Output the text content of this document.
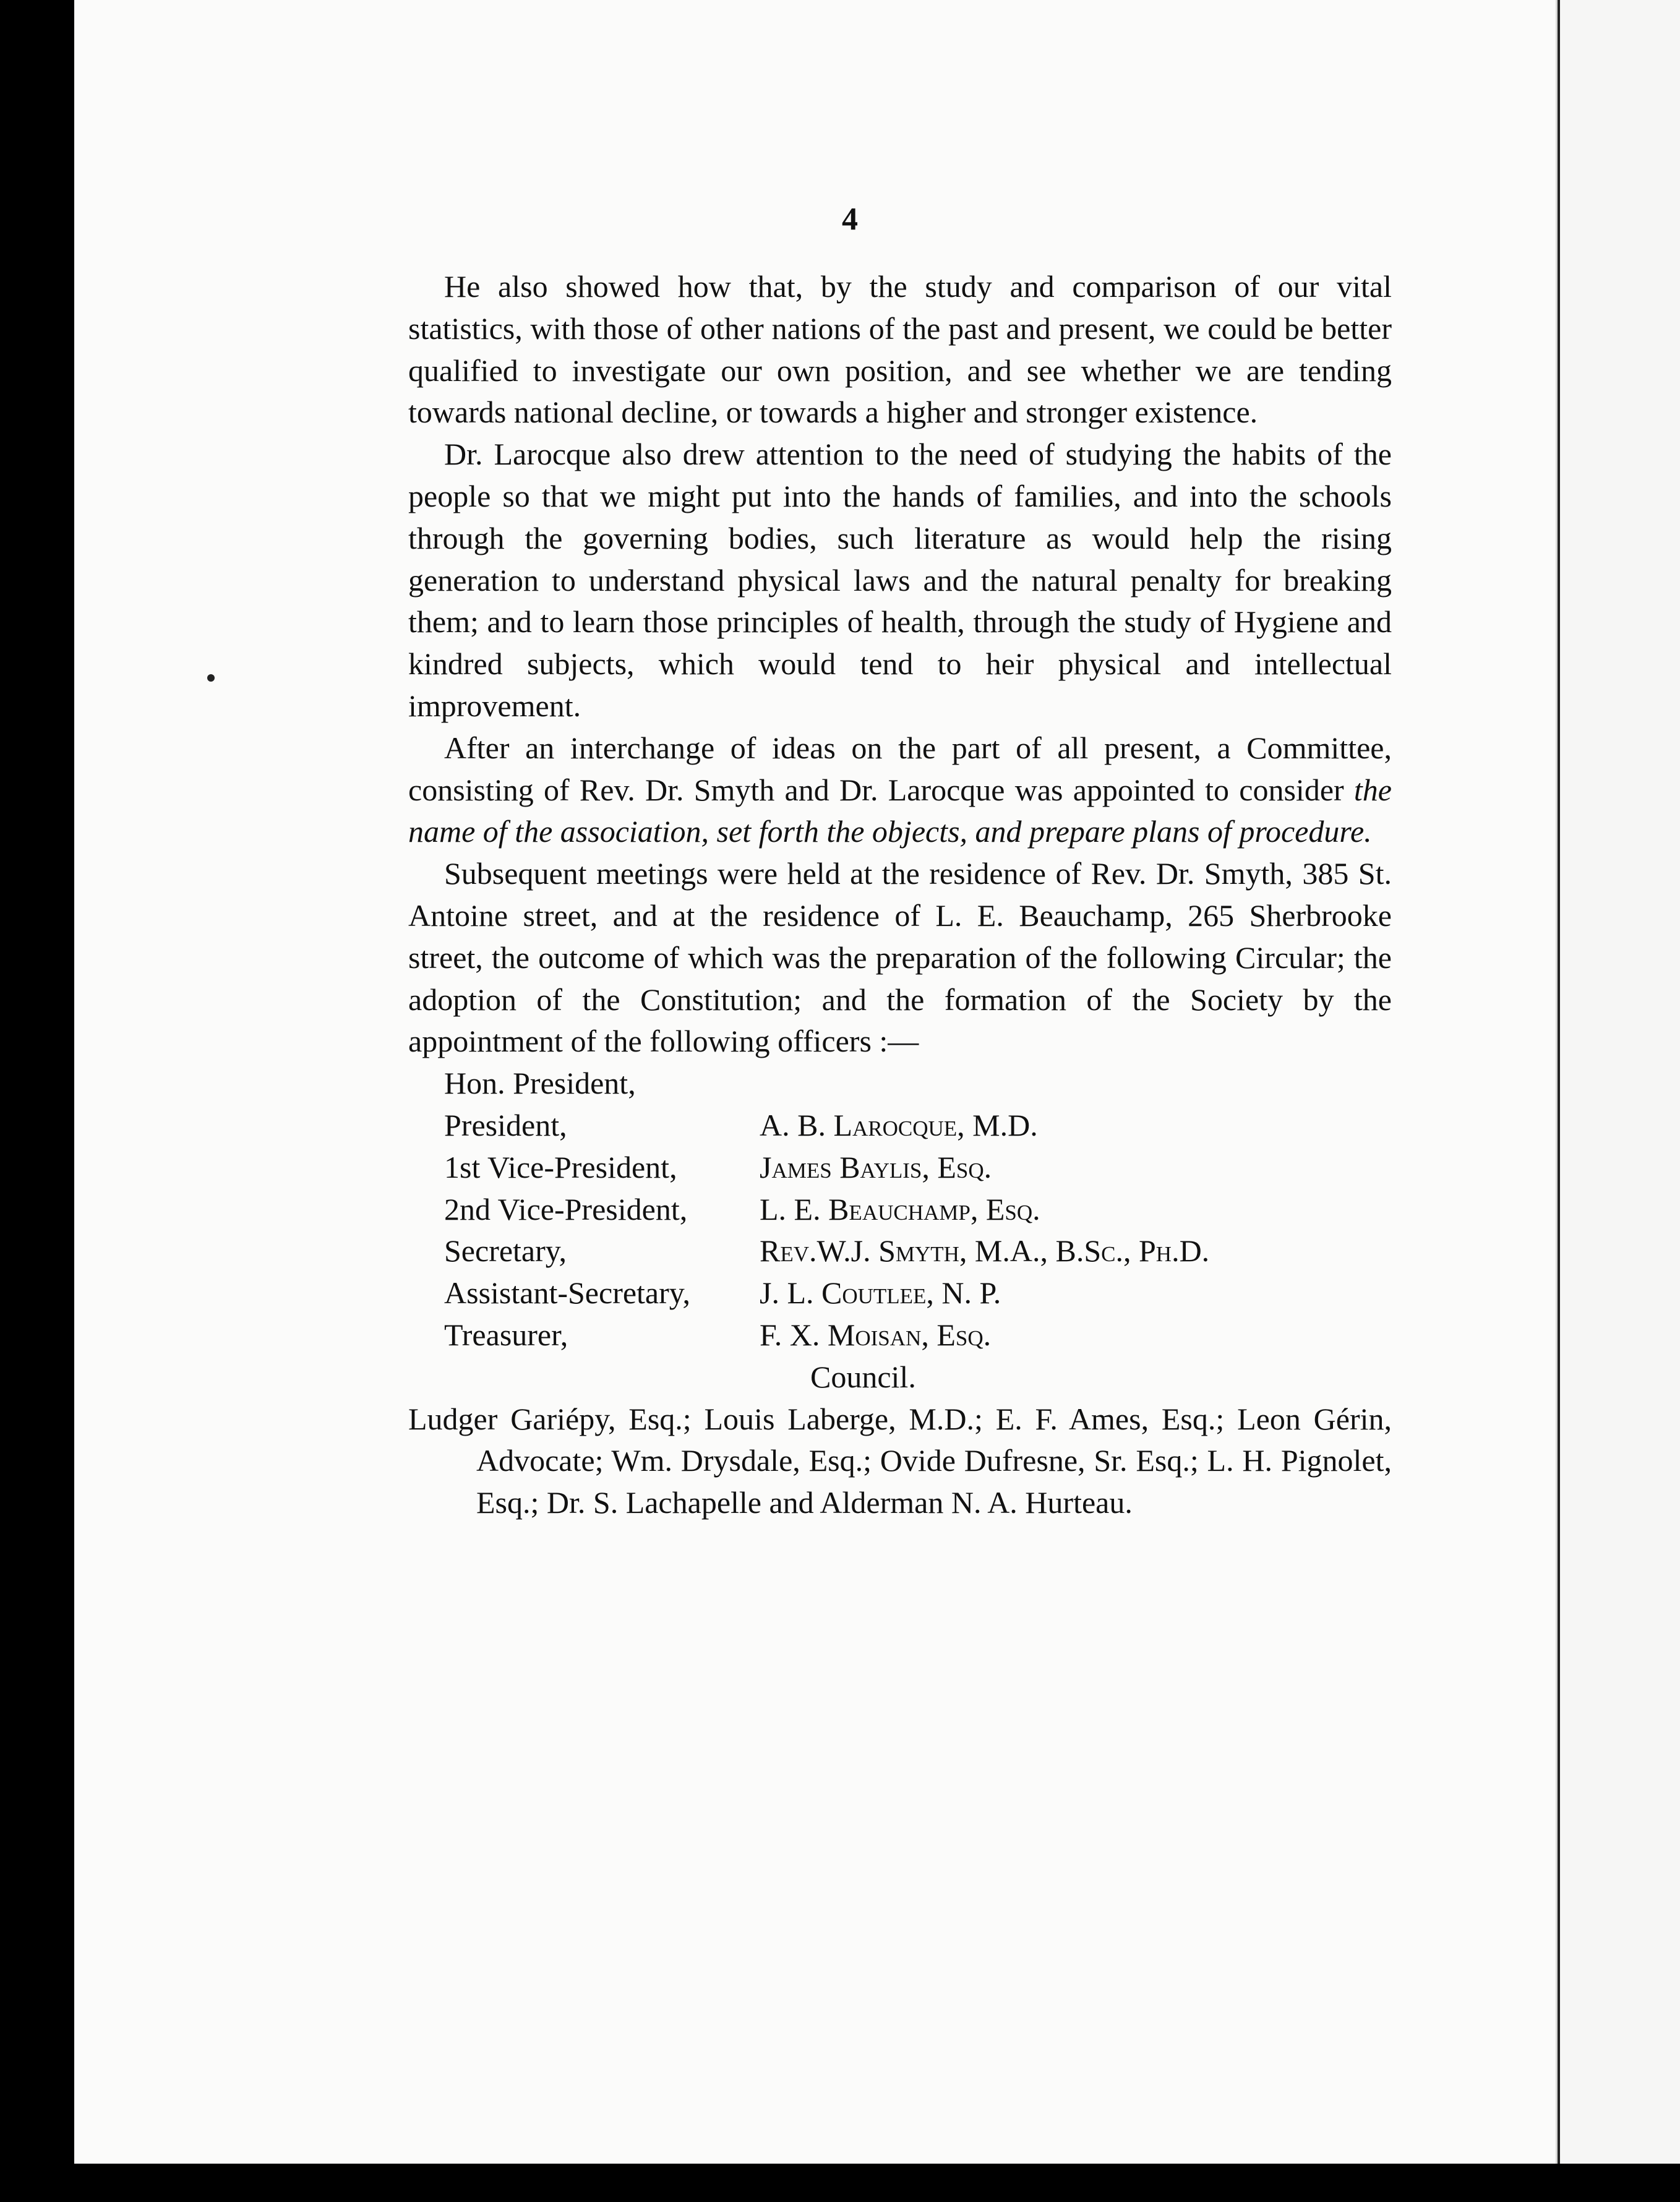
4

He also showed how that, by the study and comparison of our vital statistics, with those of other nations of the past and present, we could be better qualified to investigate our own position, and see whether we are tending towards national decline, or towards a higher and stronger existence.

Dr. Larocque also drew attention to the need of studying the habits of the people so that we might put into the hands of families, and into the schools through the governing bodies, such literature as would help the rising generation to understand physical laws and the natural penalty for breaking them; and to learn those principles of health, through the study of Hygiene and kindred subjects, which would tend to heir physical and intellectual improvement.

After an interchange of ideas on the part of all present, a Committee, consisting of Rev. Dr. Smyth and Dr. Larocque was appointed to consider the name of the association, set forth the objects, and prepare plans of procedure.

Subsequent meetings were held at the residence of Rev. Dr. Smyth, 385 St. Antoine street, and at the residence of L. E. Beauchamp, 265 Sherbrooke street, the outcome of which was the preparation of the following Circular; the adoption of the Constitution; and the formation of the Society by the appointment of the following officers :—

Hon. President,
President,	A. B. Larocque, M.D.
1st Vice-President,	James Baylis, Esq.
2nd Vice-President,	L. E. Beauchamp, Esq.
Secretary,	Rev.W.J. Smyth, M.A., B.Sc., Ph.D.
Assistant-Secretary,	J. L. Coutlee, N. P.
Treasurer,	F. X. Moisan, Esq.
Council.

Ludger Gariépy, Esq.; Louis Laberge, M.D.; E. F. Ames, Esq.; Leon Gérin, Advocate; Wm. Drysdale, Esq.; Ovide Dufresne, Sr. Esq.; L. H. Pignolet, Esq.; Dr. S. Lachapelle and Alderman N. A. Hurteau.
